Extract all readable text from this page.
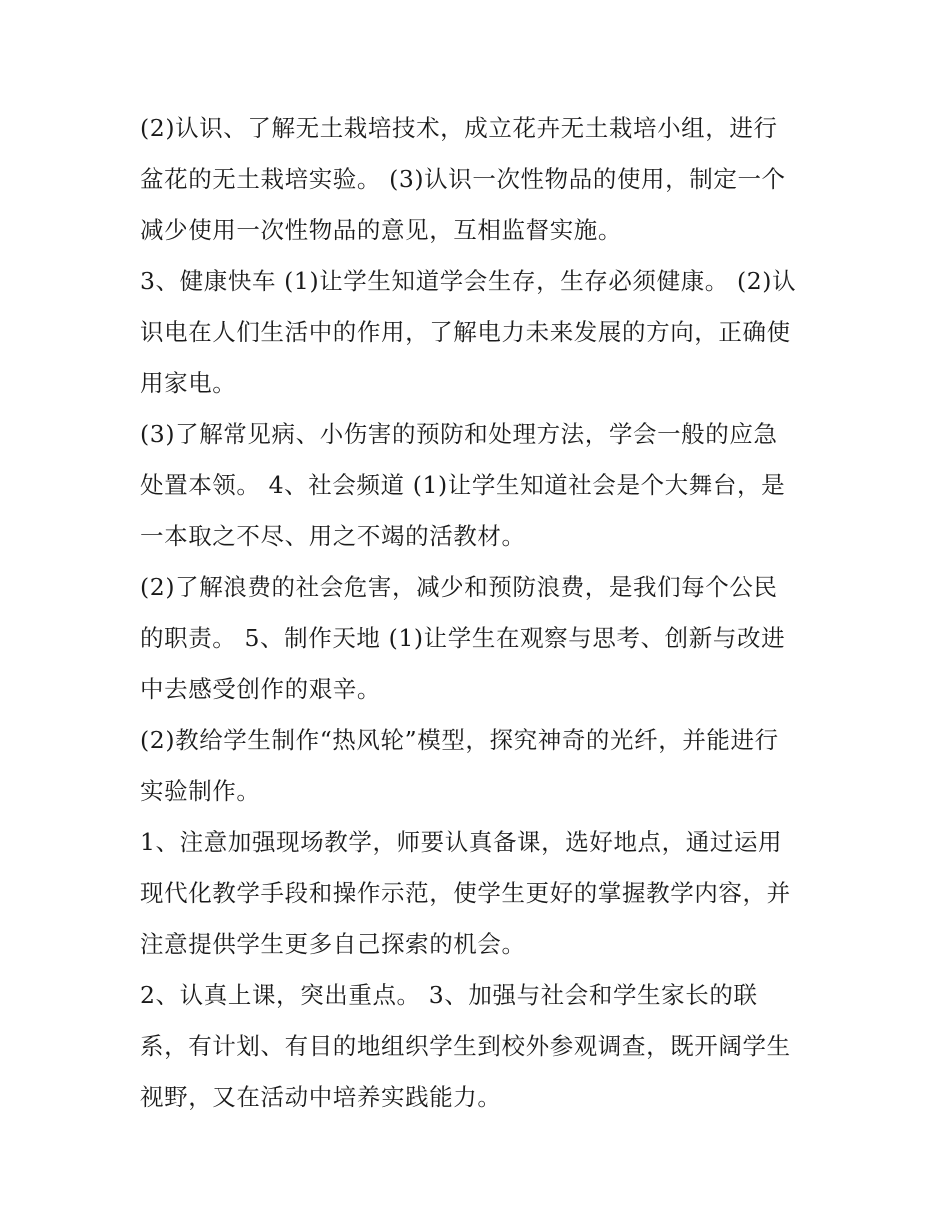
(2)认识、了解无土栽培技术，成立花卉无土栽培小组，进行
盆花的无土栽培实验。 (3)认识一次性物品的使用，制定一个
减少使用一次性物品的意见，互相监督实施。
3、健康快车 (1)让学生知道学会生存，生存必须健康。 (2)认
识电在人们生活中的作用，了解电力未来发展的方向，正确使
用家电。
(3)了解常见病、小伤害的预防和处理方法，学会一般的应急
处置本领。 4、社会频道 (1)让学生知道社会是个大舞台，是
一本取之不尽、用之不竭的活教材。
(2)了解浪费的社会危害，减少和预防浪费，是我们每个公民
的职责。 5、制作天地 (1)让学生在观察与思考、创新与改进
中去感受创作的艰辛。
(2)教给学生制作“热风轮”模型，探究神奇的光纤，并能进行
实验制作。
1、注意加强现场教学，师要认真备课，选好地点，通过运用
现代化教学手段和操作示范，使学生更好的掌握教学内容，并
注意提供学生更多自己探索的机会。
2、认真上课，突出重点。 3、加强与社会和学生家长的联
系，有计划、有目的地组织学生到校外参观调查，既开阔学生
视野，又在活动中培养实践能力。
